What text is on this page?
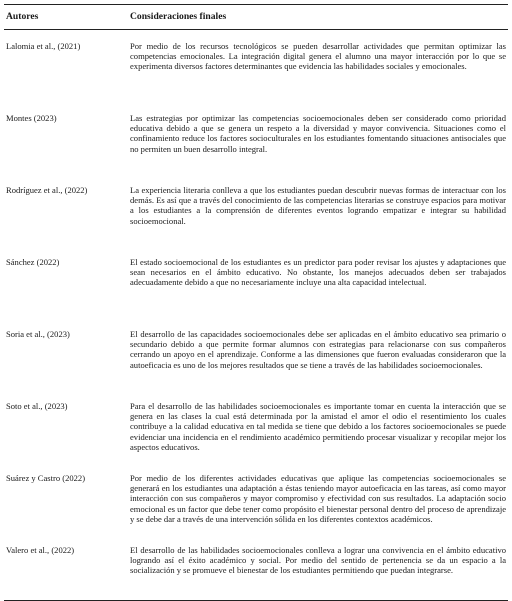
Autores	Consideraciones finales
Lalomia et al., (2021)	Por medio de los recursos tecnológicos se pueden desarrollar actividades que permitan optimizar las competencias emocionales. La integración digital genera el alumno una mayor interacción por lo que se experimenta diversos factores determinantes que evidencia las habilidades sociales y emocionales.
Montes (2023)	Las estrategias por optimizar las competencias socioemocionales deben ser considerado como prioridad educativa debido a que se genera un respeto a la diversidad y mayor convivencia. Situaciones como el confinamiento reduce los factores socioculturales en los estudiantes fomentando situaciones antisociales que no permiten un buen desarrollo integral.
Rodríguez et al., (2022)	La experiencia literaria conlleva a que los estudiantes puedan descubrir nuevas formas de interactuar con los demás. Es así que a través del conocimiento de las competencias literarias se construye espacios para motivar a los estudiantes a la comprensión de diferentes eventos logrando empatizar e integrar su habilidad socioemocional.
Sánchez (2022)	El estado socioemocional de los estudiantes es un predictor para poder revisar los ajustes y adaptaciones que sean necesarios en el ámbito educativo. No obstante, los manejos adecuados deben ser trabajados adecuadamente debido a que no necesariamente incluye una alta capacidad intelectual.
Soria et al., (2023)	El desarrollo de las capacidades socioemocionales debe ser aplicadas en el ámbito educativo sea primario o secundario debido a que permite formar alumnos con estrategias para relacionarse con sus compañeros cerrando un apoyo en el aprendizaje. Conforme a las dimensiones que fueron evaluadas consideraron que la autoeficacia es uno de los mejores resultados que se tiene a través de las habilidades socioemocionales.
Soto et al., (2023)	Para el desarrollo de las habilidades socioemocionales es importante tomar en cuenta la interacción que se genera en las clases la cual está determinada por la amistad el amor el odio el resentimiento los cuales contribuye a la calidad educativa en tal medida se tiene que debido a los factores socioemocionales se puede evidenciar una incidencia en el rendimiento académico permitiendo procesar visualizar y recopilar mejor los aspectos educativos.
Suárez y Castro (2022)	Por medio de los diferentes actividades educativas que aplique las competencias socioemocionales se generará en los estudiantes una adaptación a éstas teniendo mayor autoeficacia en las tareas, así como mayor interacción con sus compañeros y mayor compromiso y efectividad con sus resultados. La adaptación socio emocional es un factor que debe tener como propósito el bienestar personal dentro del proceso de aprendizaje y se debe dar a través de una intervención sólida en los diferentes contextos académicos.
Valero et al., (2022)	El desarrollo de las habilidades socioemocionales conlleva a lograr una convivencia en el ámbito educativo logrando así el éxito académico y social. Por medio del sentido de pertenencia se da un espacio a la socialización y se promueve el bienestar de los estudiantes permitiendo que puedan integrarse.
